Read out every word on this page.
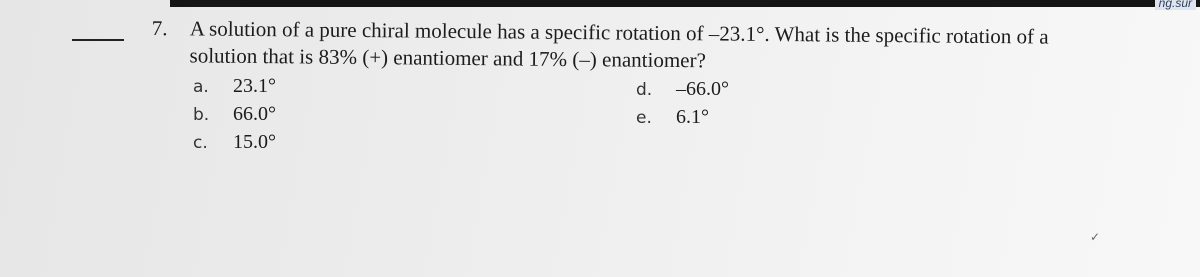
ng.sur
7. A solution of a pure chiral molecule has a specific rotation of –23.1°. What is the specific rotation of a
solution that is 83% (+) enantiomer and 17% (–) enantiomer?

a. 23.1°
b. 66.0°
c. 15.0°
d. –66.0°
e. 6.1°
✓
